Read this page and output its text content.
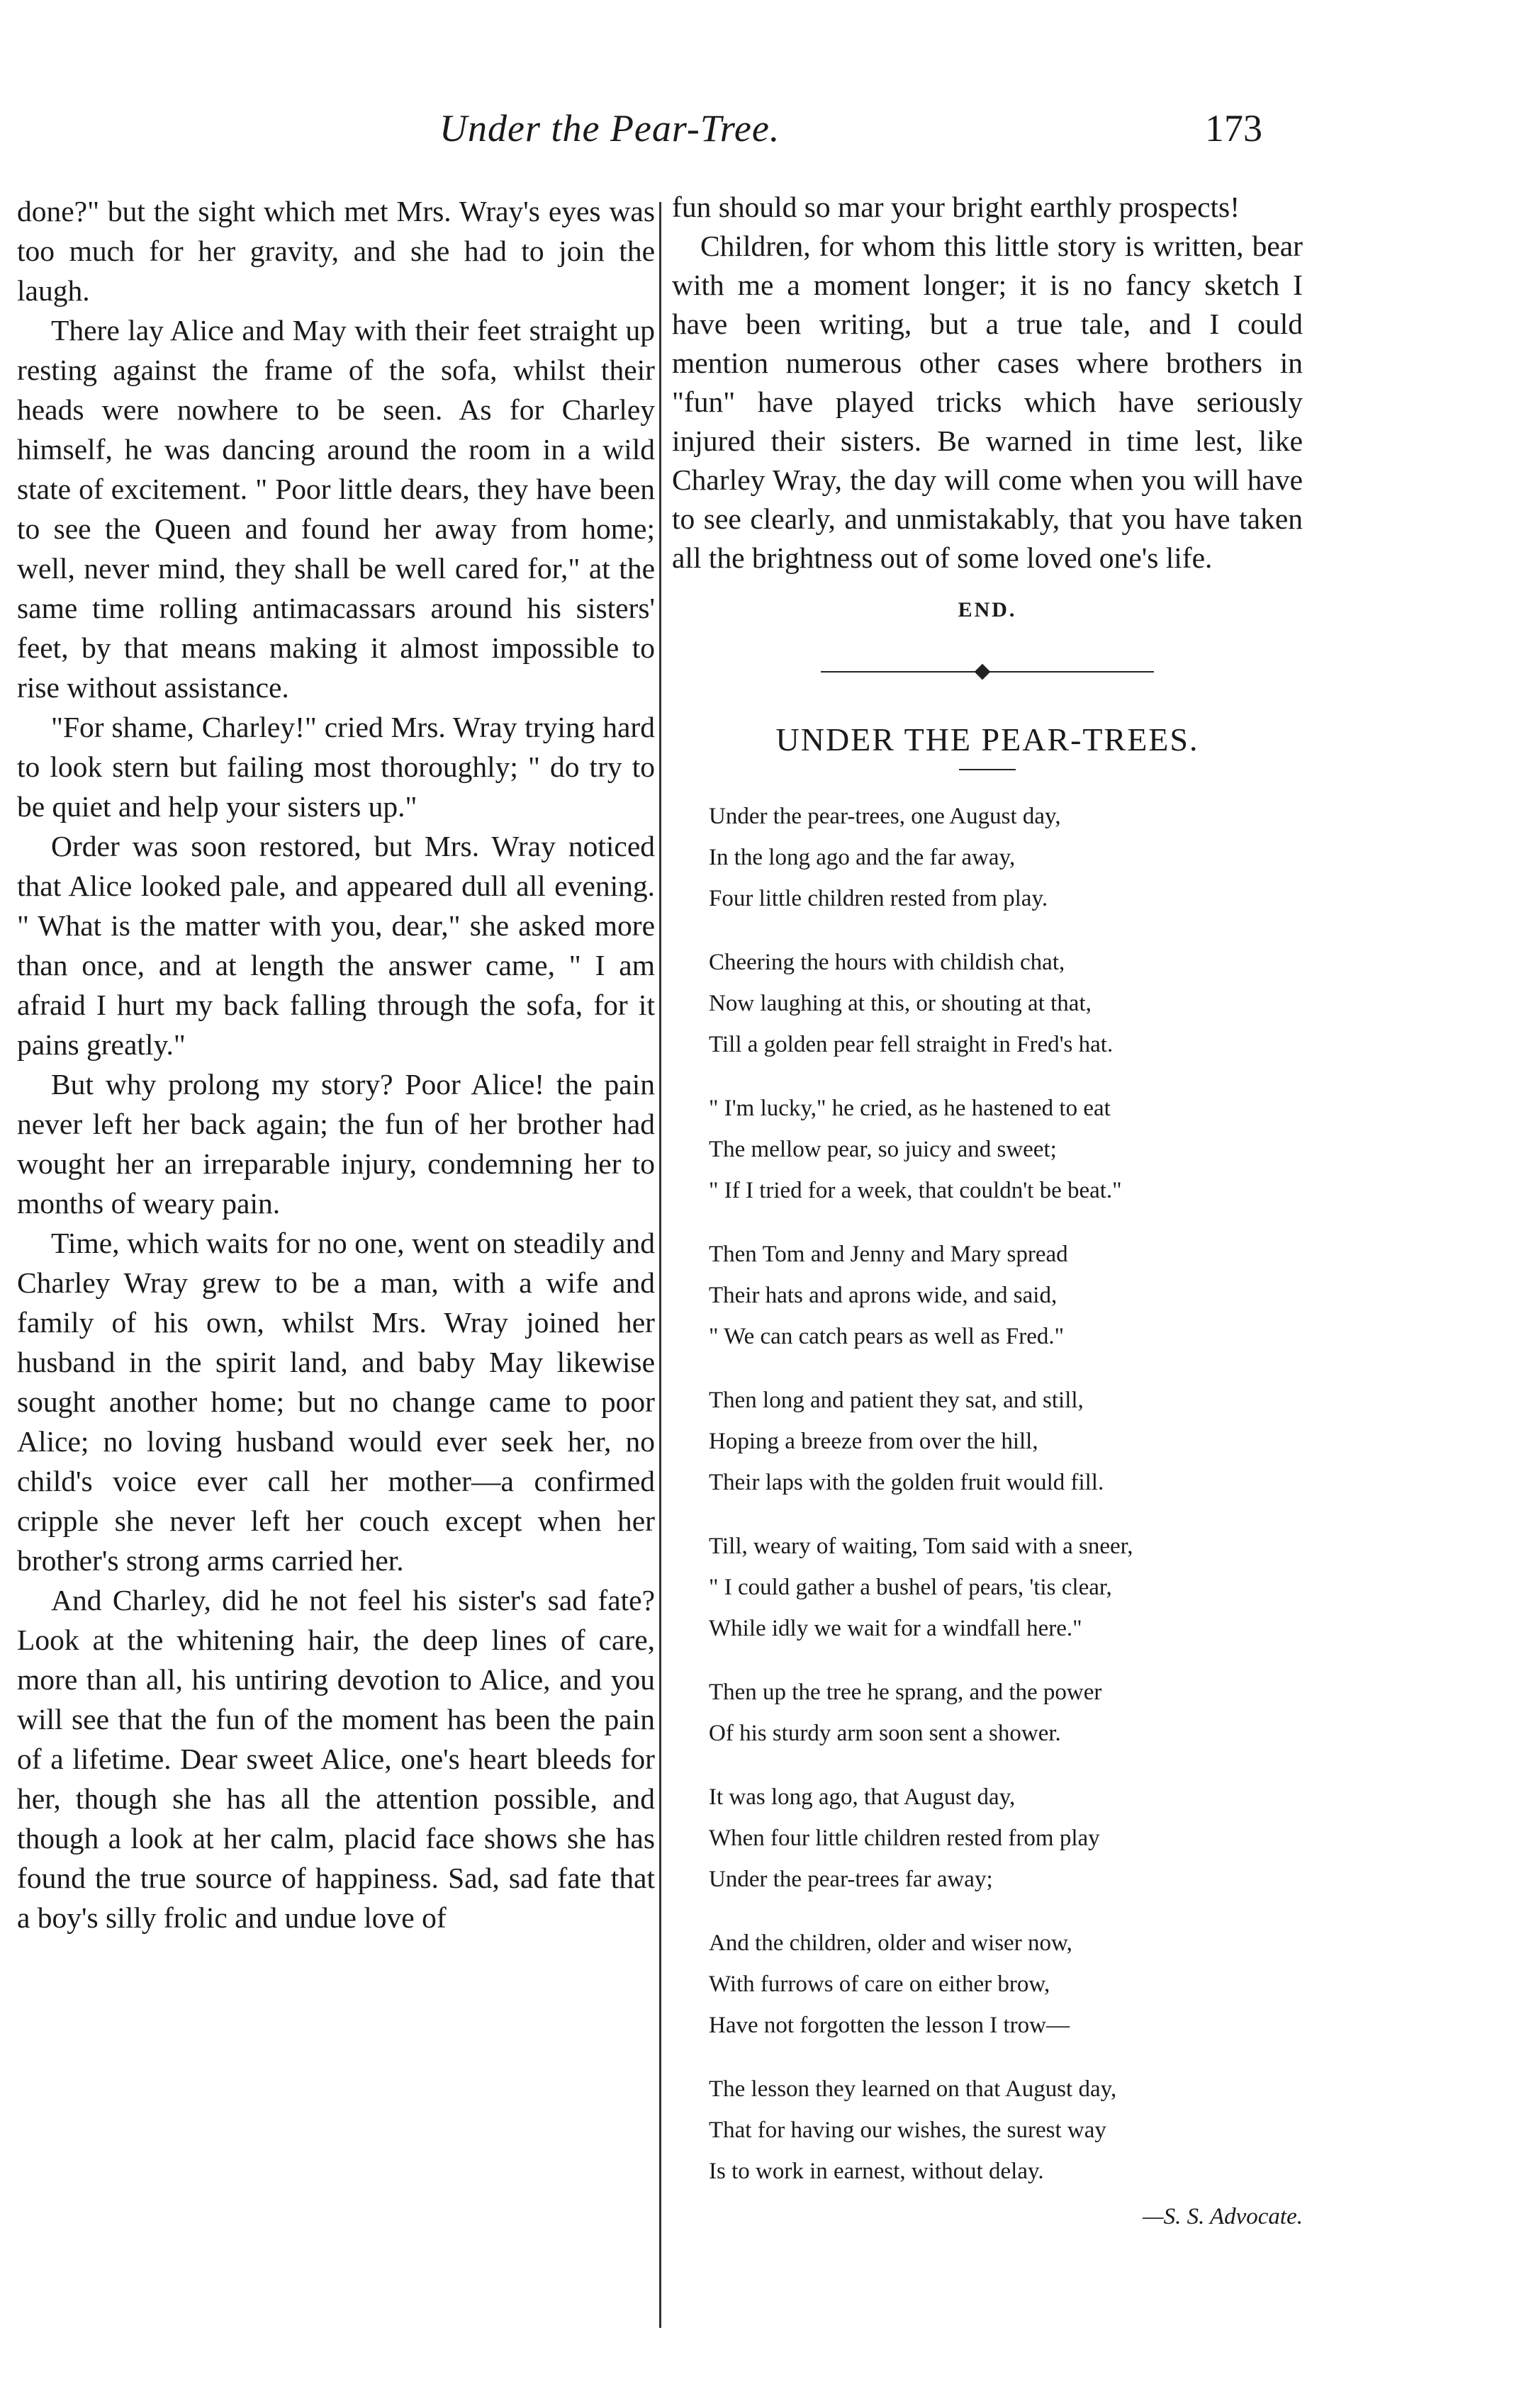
Under the Pear-Tree.	173

done?" but the sight which met Mrs. Wray's eyes was too much for her gravity, and she had to join the laugh.

There lay Alice and May with their feet straight up resting against the frame of the sofa, whilst their heads were nowhere to be seen. As for Charley himself, he was dancing around the room in a wild state of excitement. " Poor little dears, they have been to see the Queen and found her away from home; well, never mind, they shall be well cared for," at the same time rolling antimacassars around his sisters' feet, by that means making it almost impossible to rise without assistance.

"For shame, Charley!" cried Mrs. Wray trying hard to look stern but failing most thoroughly; " do try to be quiet and help your sisters up."

Order was soon restored, but Mrs. Wray noticed that Alice looked pale, and appeared dull all evening. " What is the matter with you, dear," she asked more than once, and at length the answer came, " I am afraid I hurt my back falling through the sofa, for it pains greatly."

But why prolong my story? Poor Alice! the pain never left her back again; the fun of her brother had wought her an irreparable injury, condemning her to months of weary pain.

Time, which waits for no one, went on steadily and Charley Wray grew to be a man, with a wife and family of his own, whilst Mrs. Wray joined her husband in the spirit land, and baby May likewise sought another home; but no change came to poor Alice; no loving husband would ever seek her, no child's voice ever call her mother—a confirmed cripple she never left her couch except when her brother's strong arms carried her.

And Charley, did he not feel his sister's sad fate? Look at the whitening hair, the deep lines of care, more than all, his untiring devotion to Alice, and you will see that the fun of the moment has been the pain of a lifetime. Dear sweet Alice, one's heart bleeds for her, though she has all the attention possible, and though a look at her calm, placid face shows she has found the true source of happiness. Sad, sad fate that a boy's silly frolic and undue love of

fun should so mar your bright earthly prospects!

Children, for whom this little story is written, bear with me a moment longer; it is no fancy sketch I have been writing, but a true tale, and I could mention numerous other cases where brothers in "fun" have played tricks which have seriously injured their sisters. Be warned in time lest, like Charley Wray, the day will come when you will have to see clearly, and unmistakably, that you have taken all the brightness out of some loved one's life.

END.
UNDER THE PEAR-TREES.
Under the pear-trees, one August day,
In the long ago and the far away,
Four little children rested from play.
Cheering the hours with childish chat,
Now laughing at this, or shouting at that,
Till a golden pear fell straight in Fred's hat.
" I'm lucky," he cried, as he hastened to eat
The mellow pear, so juicy and sweet;
" If I tried for a week, that couldn't be beat."
Then Tom and Jenny and Mary spread
Their hats and aprons wide, and said,
" We can catch pears as well as Fred."
Then long and patient they sat, and still,
Hoping a breeze from over the hill,
Their laps with the golden fruit would fill.
Till, weary of waiting, Tom said with a sneer,
" I could gather a bushel of pears, 'tis clear,
While idly we wait for a windfall here."
Then up the tree he sprang, and the power
Of his sturdy arm soon sent a shower.
It was long ago, that August day,
When four little children rested from play
Under the pear-trees far away;
And the children, older and wiser now,
With furrows of care on either brow,
Have not forgotten the lesson I trow—
The lesson they learned on that August day,
That for having our wishes, the surest way
Is to work in earnest, without delay.
—S. S. Advocate.
